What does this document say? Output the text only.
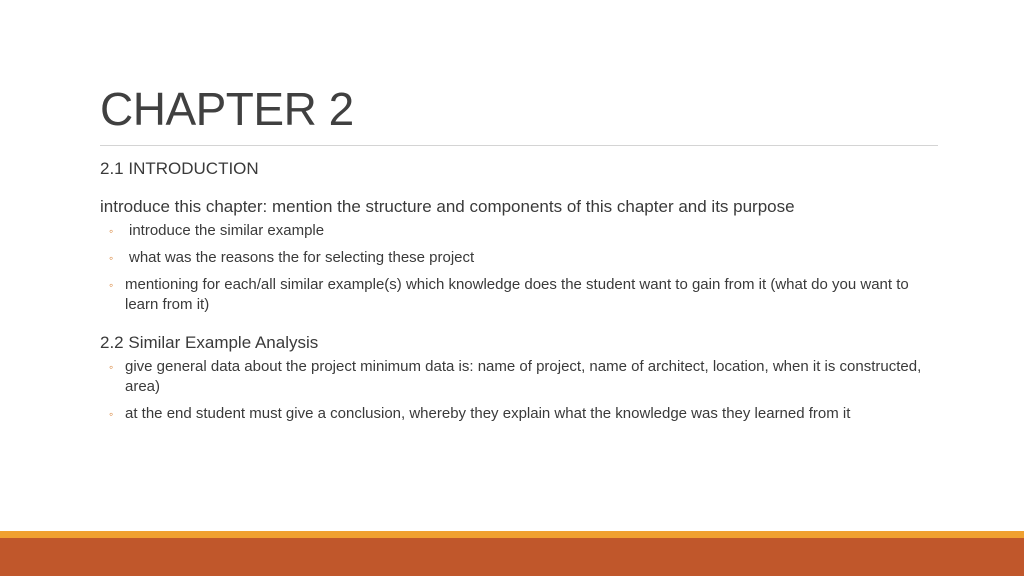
CHAPTER 2

2.1 INTRODUCTION

introduce this chapter: mention the structure and components of this chapter and its purpose

◦ introduce the similar example
◦ what was the reasons the for selecting these project
◦ mentioning for each/all similar example(s) which knowledge does the student want to gain from it (what do you want to learn from it)

2.2 Similar Example Analysis

◦ give general data about the project minimum data is: name of project, name of architect, location, when it is constructed, area)
◦ at the end student must give a conclusion, whereby they explain what the knowledge was they learned from it
